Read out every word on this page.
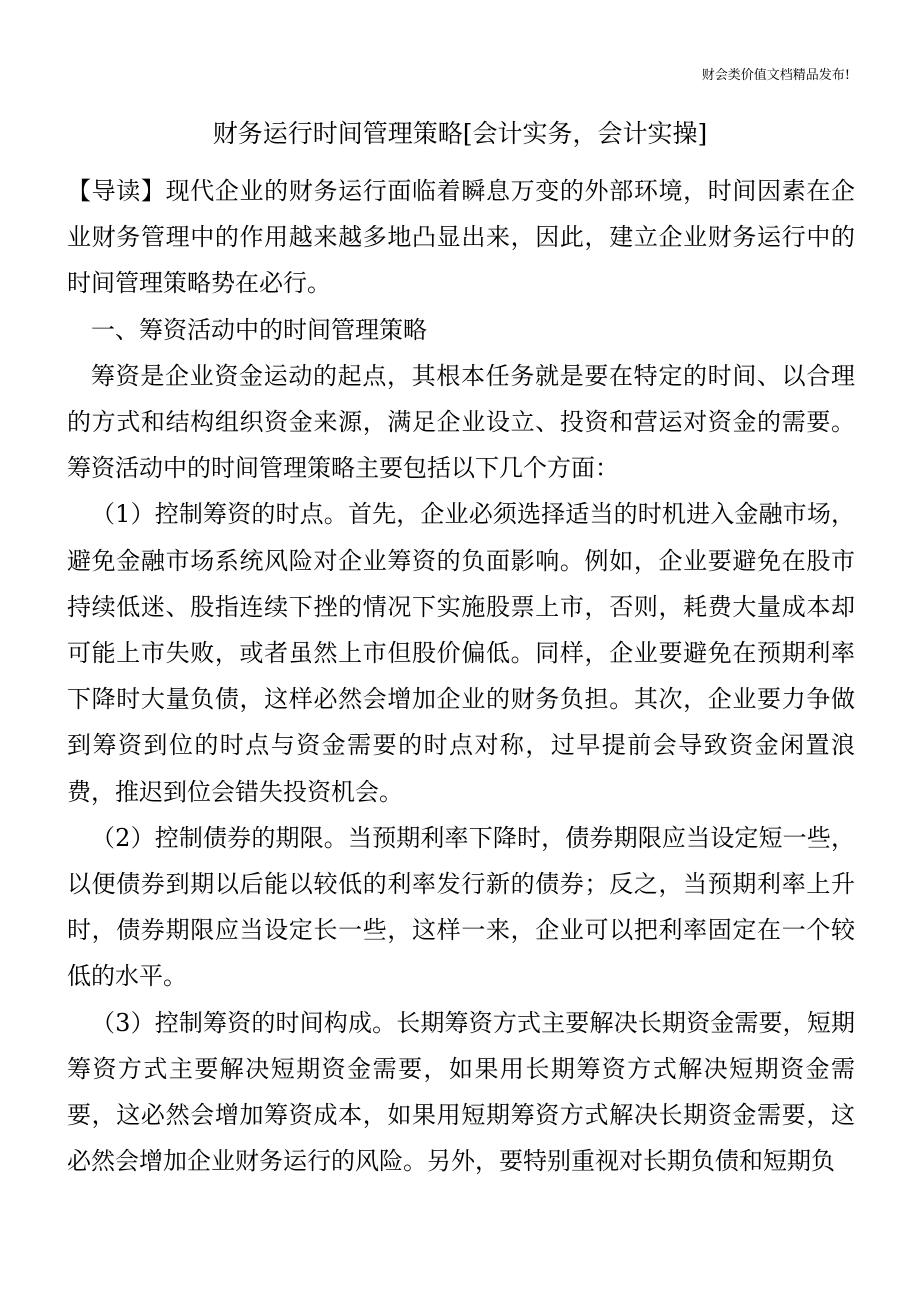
财会类价值文档精品发布!
财务运行时间管理策略[会计实务，会计实操]

【导读】现代企业的财务运行面临着瞬息万变的外部环境，时间因素在企业财务管理中的作用越来越多地凸显出来，因此，建立企业财务运行中的时间管理策略势在必行。

一、筹资活动中的时间管理策略

筹资是企业资金运动的起点，其根本任务就是要在特定的时间、以合理的方式和结构组织资金来源，满足企业设立、投资和营运对资金的需要。筹资活动中的时间管理策略主要包括以下几个方面：

（1）控制筹资的时点。首先，企业必须选择适当的时机进入金融市场，避免金融市场系统风险对企业筹资的负面影响。例如，企业要避免在股市持续低迷、股指连续下挫的情况下实施股票上市，否则，耗费大量成本却可能上市失败，或者虽然上市但股价偏低。同样，企业要避免在预期利率下降时大量负债，这样必然会增加企业的财务负担。其次，企业要力争做到筹资到位的时点与资金需要的时点对称，过早提前会导致资金闲置浪费，推迟到位会错失投资机会。

（2）控制债券的期限。当预期利率下降时，债券期限应当设定短一些，以便债券到期以后能以较低的利率发行新的债券；反之，当预期利率上升时，债券期限应当设定长一些，这样一来，企业可以把利率固定在一个较低的水平。

（3）控制筹资的时间构成。长期筹资方式主要解决长期资金需要，短期筹资方式主要解决短期资金需要，如果用长期筹资方式解决短期资金需要，这必然会增加筹资成本，如果用短期筹资方式解决长期资金需要，这必然会增加企业财务运行的风险。另外，要特别重视对长期负债和短期负
